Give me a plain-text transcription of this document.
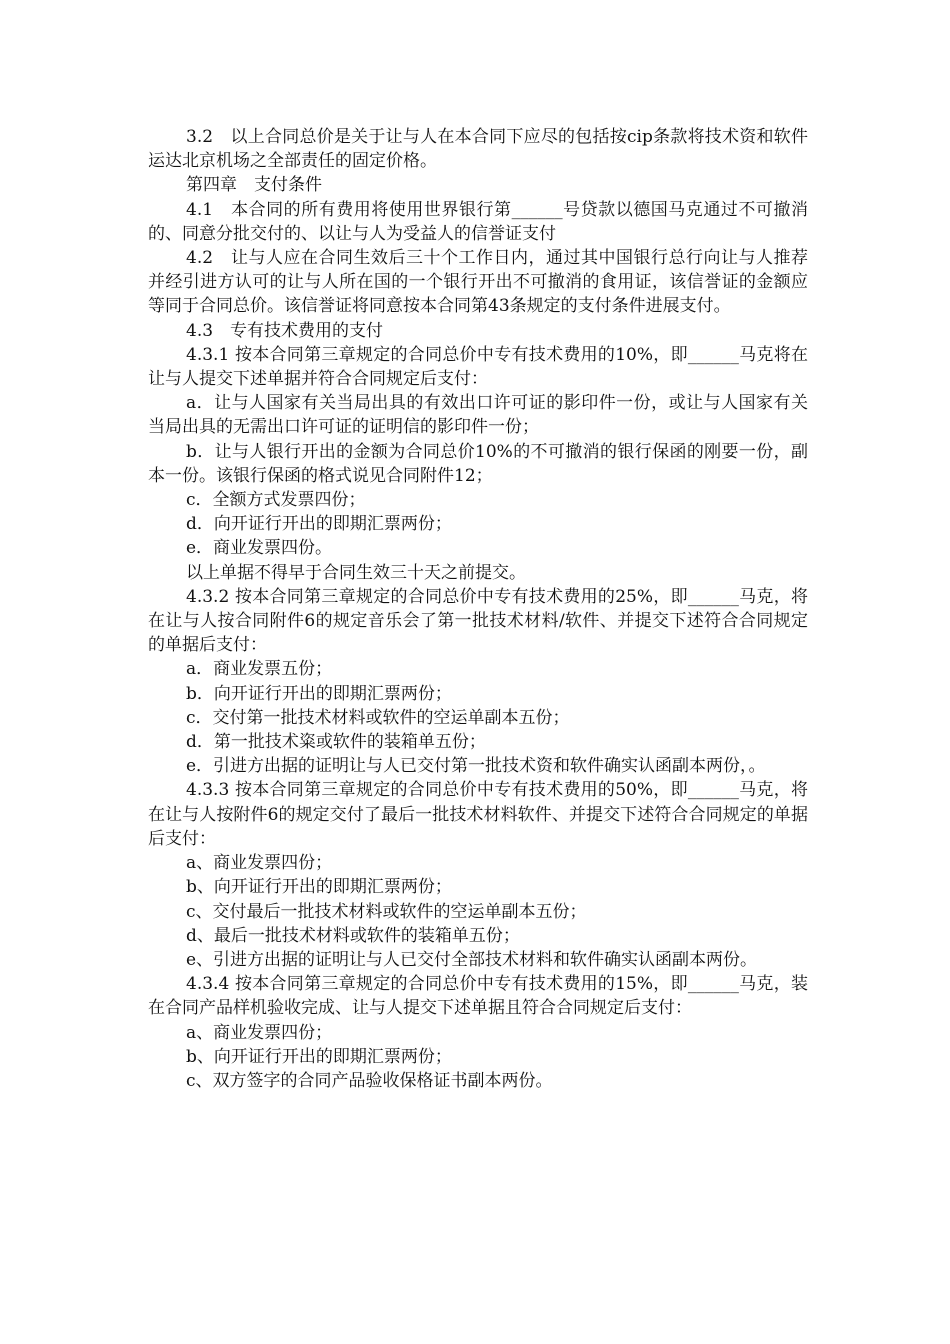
3.2　以上合同总价是关于让与人在本合同下应尽的包括按cip条款将技术资和软件运达北京机场之全部责任的固定价格。

第四章　支付条件

4.1　本合同的所有费用将使用世界银行第______号贷款以德国马克通过不可撤消的、同意分批交付的、以让与人为受益人的信誉证支付

4.2　让与人应在合同生效后三十个工作日内，通过其中国银行总行向让与人推荐并经引进方认可的让与人所在国的一个银行开出不可撤消的食用证，该信誉证的金额应等同于合同总价。该信誉证将同意按本合同第43条规定的支付条件进展支付。

4.3　专有技术费用的支付

4.3.1 按本合同第三章规定的合同总价中专有技术费用的10%，即______马克将在让与人提交下述单据并符合合同规定后支付：

a．让与人国家有关当局出具的有效出口许可证的影印件一份，或让与人国家有关当局出具的无需出口许可证的证明信的影印件一份；

b．让与人银行开出的金额为合同总价10%的不可撤消的银行保函的刚要一份，副本一份。该银行保函的格式说见合同附件12；

c．全额方式发票四份；

d．向开证行开出的即期汇票两份；

e．商业发票四份。

以上单据不得早于合同生效三十天之前提交。

4.3.2 按本合同第三章规定的合同总价中专有技术费用的25%，即______马克，将在让与人按合同附件6的规定音乐会了第一批技术材料/软件、并提交下述符合合同规定的单据后支付：

a．商业发票五份；

b．向开证行开出的即期汇票两份；

c．交付第一批技术材料或软件的空运单副本五份；

d．第一批技术粢或软件的装箱单五份；

e．引进方出据的证明让与人已交付第一批技术资和软件确实认函副本两份，。

4.3.3 按本合同第三章规定的合同总价中专有技术费用的50%，即______马克，将在让与人按附件6的规定交付了最后一批技术材料软件、并提交下述符合合同规定的单据后支付：

a、商业发票四份；

b、向开证行开出的即期汇票两份；

c、交付最后一批技术材料或软件的空运单副本五份；

d、最后一批技术材料或软件的装箱单五份；

e、引进方出据的证明让与人已交付全部技术材料和软件确实认函副本两份。

4.3.4 按本合同第三章规定的合同总价中专有技术费用的15%，即______马克，装在合同产品样机验收完成、让与人提交下述单据且符合合同规定后支付：

a、商业发票四份；

b、向开证行开出的即期汇票两份；

c、双方签字的合同产品验收保格证书副本两份。
